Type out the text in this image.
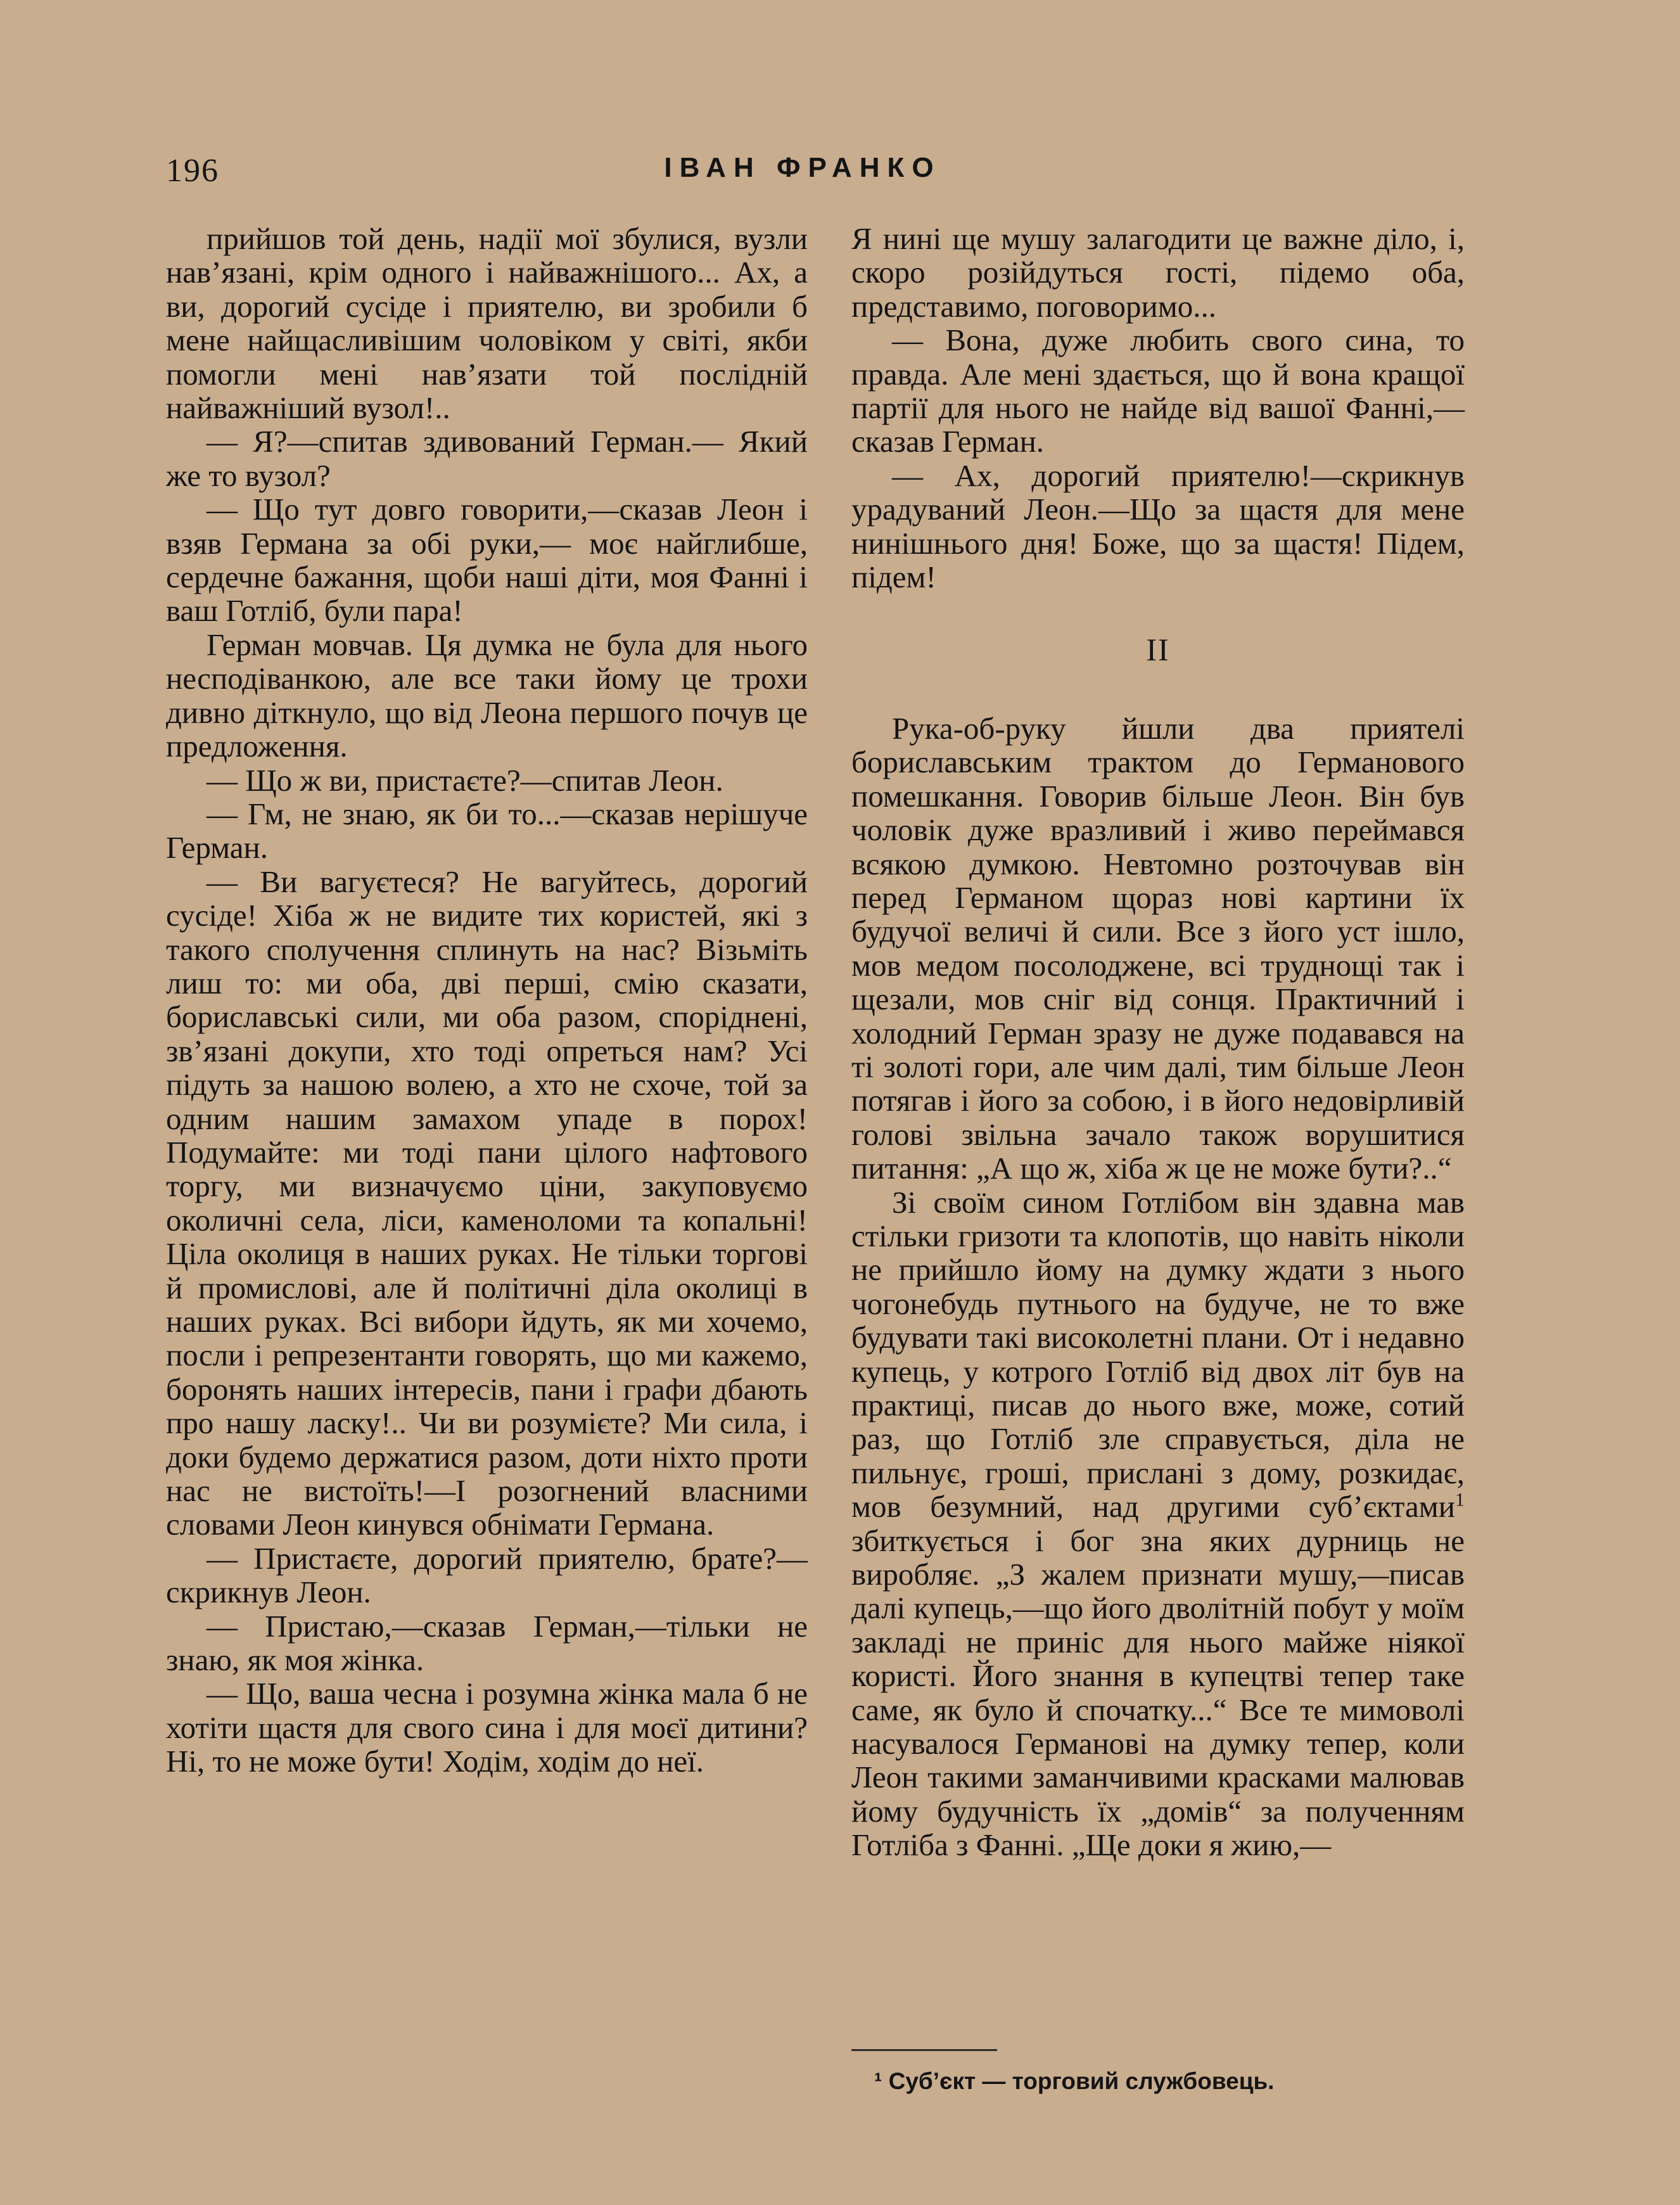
196	ІВАН ФРАНКО

прийшов той день, надії мої збулися, вузли нав’язані, крім одного і найважнішого... Ах, а ви, дорогий сусіде і приятелю, ви зробили б мене найщасливішим чоловіком у світі, якби помогли мені нав’язати той послідній найважніший вузол!..

— Я?—спитав здивований Герман.— Який же то вузол?

— Що тут довго говорити,—сказав Леон і взяв Германа за обі руки,— моє найглибше, сердечне бажання, щоби наші діти, моя Фанні і ваш Готліб, були пара!

Герман мовчав. Ця думка не була для нього несподіванкою, але все таки йому це трохи дивно діткнуло, що від Леона першого почув це предложення.

— Що ж ви, пристаєте?—спитав Леон.

— Гм, не знаю, як би то...—сказав нерішуче Герман.

— Ви вагуєтеся? Не вагуйтесь, дорогий сусіде! Хіба ж не видите тих користей, які з такого сполучення сплинуть на нас? Візьміть лиш то: ми оба, дві перші, смію сказати, бориславські сили, ми оба разом, споріднені, зв’язані докупи, хто тоді опреться нам? Усі підуть за нашою волею, а хто не схоче, той за одним нашим замахом упаде в порох! Подумайте: ми тоді пани цілого нафтового торгу, ми визначуємо ціни, закуповуємо околичні села, ліси, каменоломи та копальні! Ціла околиця в наших руках. Не тільки торгові й промислові, але й політичні діла околиці в наших руках. Всі вибори йдуть, як ми хочемо, посли і репрезентанти говорять, що ми кажемо, боронять наших інтересів, пани і графи дбають про нашу ласку!.. Чи ви розумієте? Ми сила, і доки будемо держатися разом, доти ніхто проти нас не вистоїть!—І розогнений власними словами Леон кинувся обнімати Германа.

— Пристаєте, дорогий приятелю, брате?—скрикнув Леон.

— Пристаю,—сказав Герман,—тільки не знаю, як моя жінка.

— Що, ваша чесна і розумна жінка мала б не хотіти щастя для свого сина і для моєї дитини? Ні, то не може бути! Ходім, ходім до неї.

Я нині ще мушу залагодити це важне діло, і, скоро розійдуться гості, підемо оба, представимо, поговоримо...

— Вона, дуже любить свого сина, то правда. Але мені здається, що й вона кращої партії для нього не найде від вашої Фанні,—сказав Герман.

— Ах, дорогий приятелю!—скрикнув урадуваний Леон.—Що за щастя для мене нинішнього дня! Боже, що за щастя! Підем, підем!

II

Рука-об-руку йшли два приятелі бориславським трактом до Германового помешкання. Говорив більше Леон. Він був чоловік дуже вразливий і живо переймався всякою думкою. Невтомно розточував він перед Германом щораз нові картини їх будучої величі й сили. Все з його уст ішло, мов медом посолоджене, всі труднощі так і щезали, мов сніг від сонця. Практичний і холодний Герман зразу не дуже подавався на ті золоті гори, але чим далі, тим більше Леон потягав і його за собою, і в його недовірливій голові звільна зачало також ворушитися питання: „А що ж, хіба ж це не може бути?..“

Зі своїм сином Готлібом він здавна мав стільки гризоти та клопотів, що навіть ніколи не прийшло йому на думку ждати з нього чогонебудь путнього на будуче, не то вже будувати такі високолетні плани. От і недавно купець, у котрого Готліб від двох літ був на практиці, писав до нього вже, може, сотий раз, що Готліб зле справується, діла не пильнує, гроші, прислані з дому, розкидає, мов безумний, над другими суб’єктами$^1$ збиткується і бог зна яких дурниць не виробляє. „З жалем признати мушу,—писав далі купець,—що його дволітній побут у моїм закладі не приніс для нього майже ніякої користі. Його знання в купецтві тепер таке саме, як було й спочатку...“ Все те мимоволі насувалося Германові на думку тепер, коли Леон такими заманчивими красками малював йому будучність їх „домів“ за полученням Готліба з Фанні. „Ще доки я жию,—

¹ Суб’єкт — торговий службовець.
